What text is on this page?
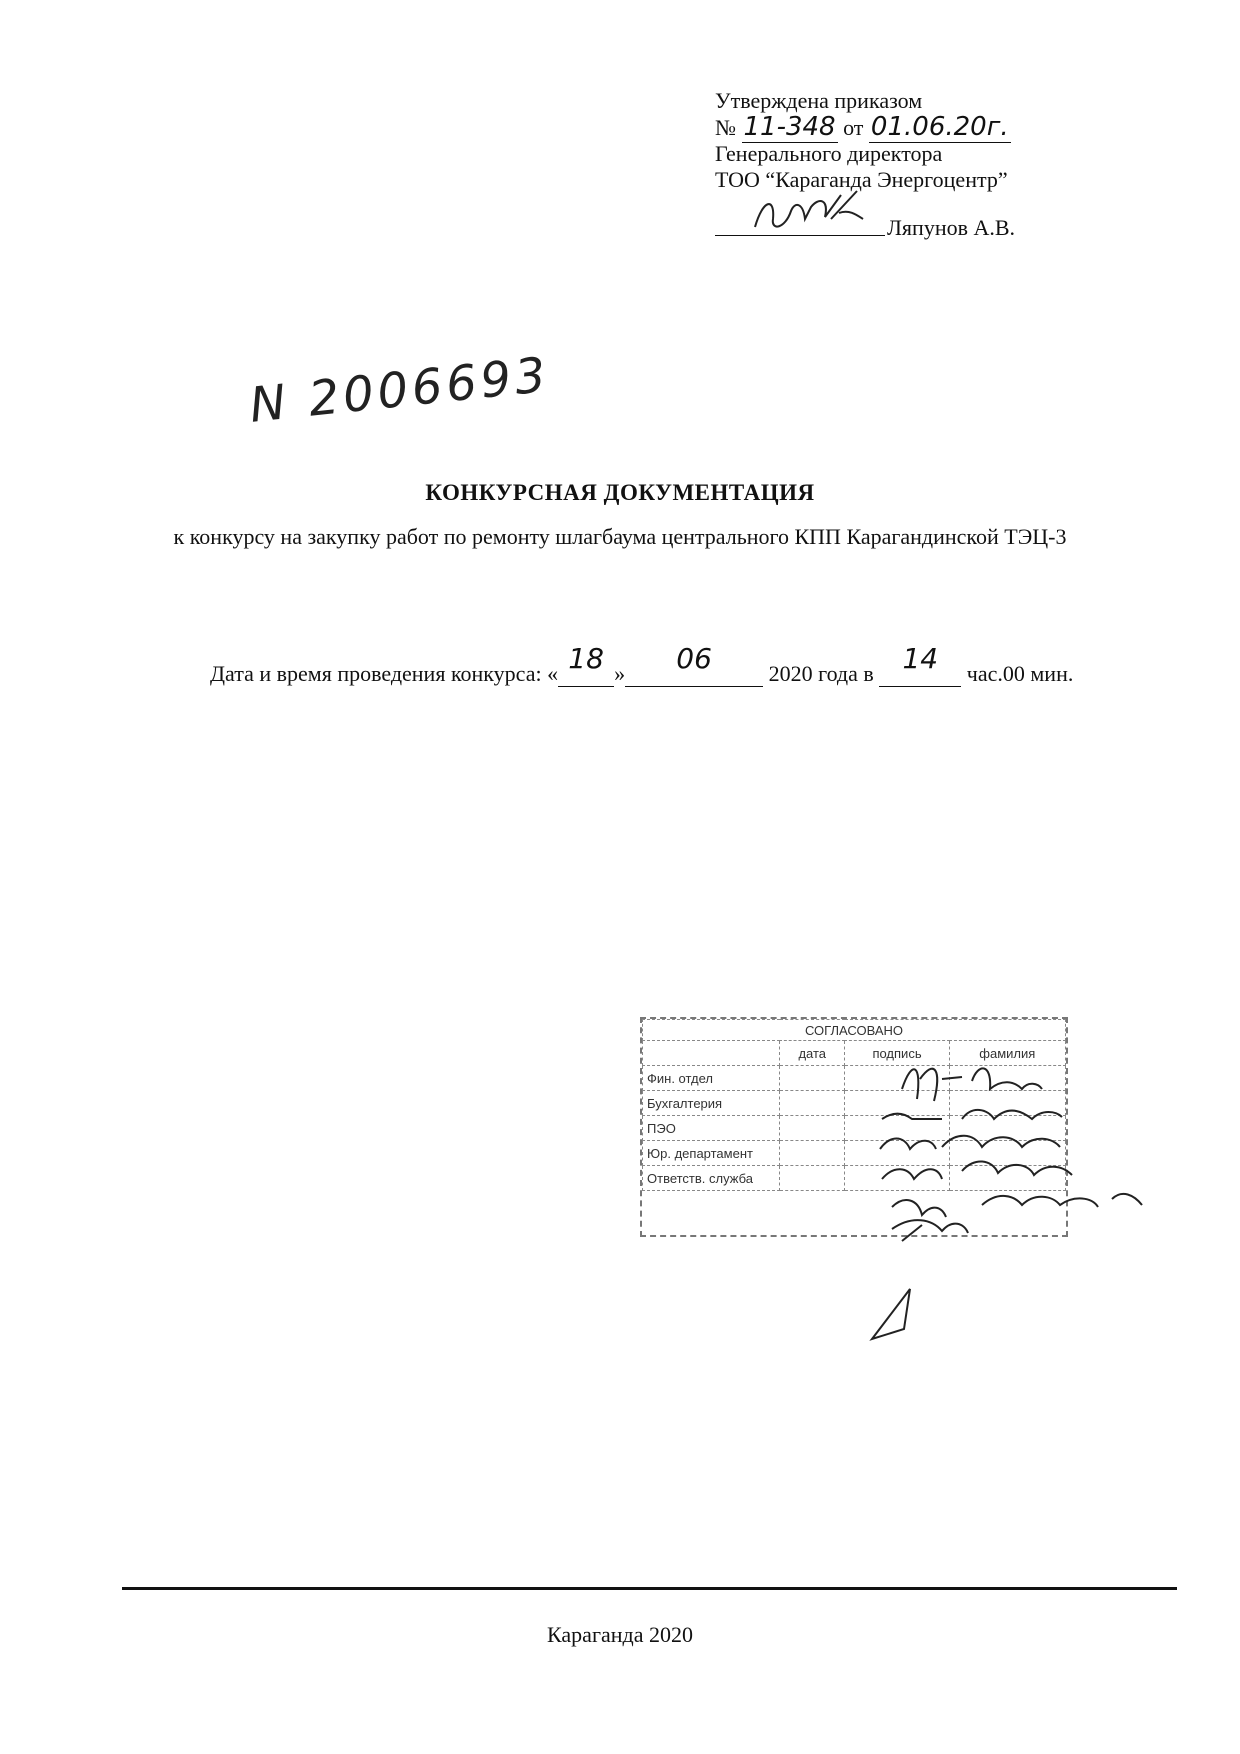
Утверждена приказом
№ 11-348 от 01.06.20г.
Генерального директора
ТОО “Караганда Энергоцентр”
Ляпунов А.В.
N 2006693
КОНКУРСНАЯ ДОКУМЕНТАЦИЯ
к конкурсу на закупку работ по ремонту шлагбаума центрального КПП Карагандинской ТЭЦ-3
Дата и время проведения конкурса: « 18 » 06	2020 года в 14 час.00 мин.
СОГЛАСОВАНО			
	дата	подпись	фамилия
Фин. отдел			
Бухгалтерия			
ПЭО			
Юр. департамент			
Ответств. служба			
Караганда 2020
